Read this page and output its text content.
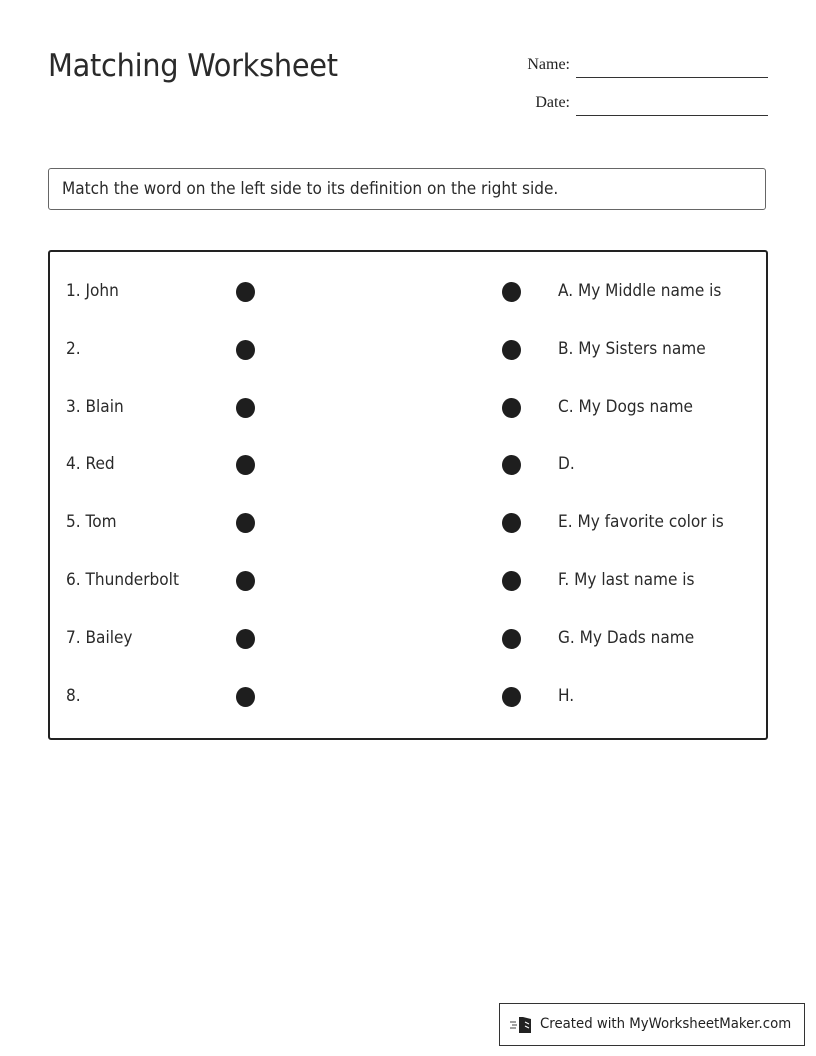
Matching Worksheet	Name:
Date:
Match the word on the left side to its definition on the right side.
1. John	A. My Middle name is
2.	B. My Sisters name
3. Blain	C. My Dogs name
4. Red	D.
5. Tom	E. My favorite color is
6. Thunderbolt	F. My last name is
7. Bailey	G. My Dads name
8.	H.
Created with MyWorksheetMaker.com
